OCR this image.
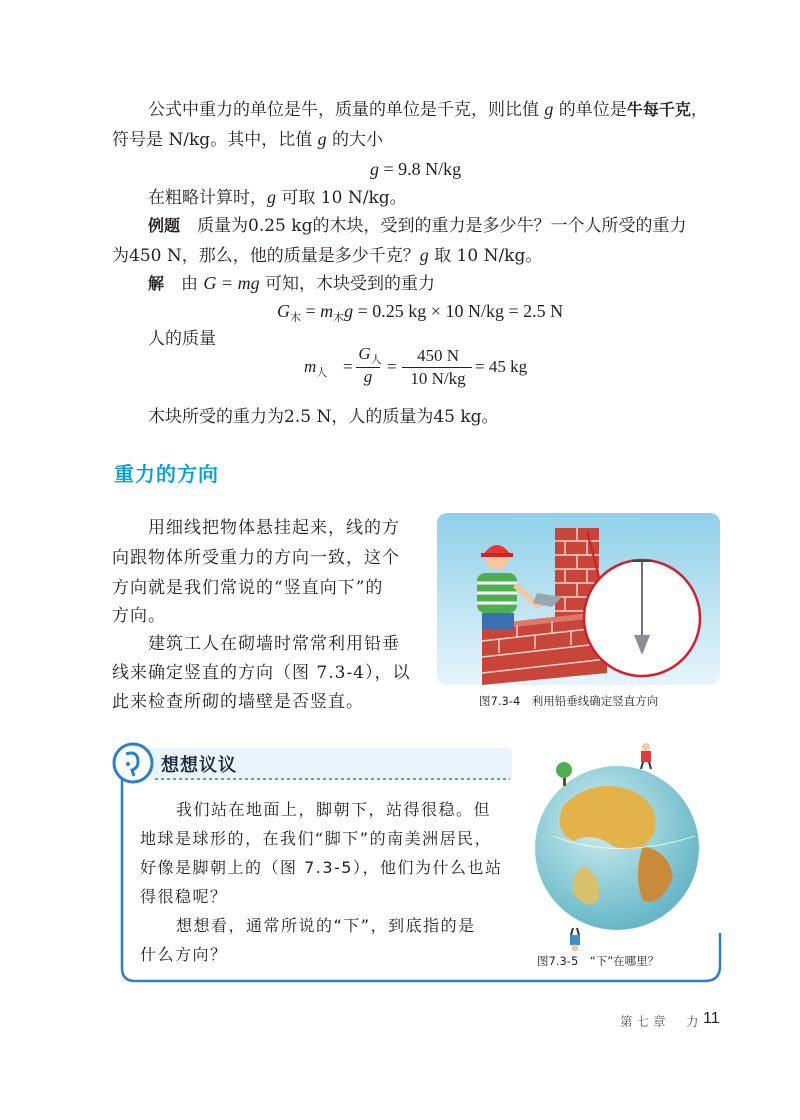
公式中重力的单位是牛，质量的单位是千克，则比值 g 的单位是牛每千克，

符号是 N/kg。其中，比值 g 的大小

g = 9.8 N/kg

在粗略计算时，g 可取 10 N/kg。

例题　 质量为0.25 kg的木块，受到的重力是多少牛？一个人所受的重力

为450 N，那么，他的质量是多少千克？g 取 10 N/kg。

解　 由 G = mg 可知，木块受到的重力

$G_木 = m_木g = 0.25$ kg × 10 N/kg = 2.5 N

人的质量

$m_人$ =
$G_人$
g
=
450 N
10 N/kg
= 45 kg

木块所受的重力为2.5 N，人的质量为45 kg。

重力的方向

用细线把物体悬挂起来，线的方

向跟物体所受重力的方向一致，这个

方向就是我们常说的“竖直向下”的

方向。

建筑工人在砌墙时常常利用铅垂

线来确定竖直的方向（图 7.3-4），以

此来检查所砌的墙壁是否竖直。	图7.3-4　利用铅垂线确定竖直方向
想想议议

我们站在地面上，脚朝下，站得很稳。但

地球是球形的，在我们“脚下”的南美洲居民，

好像是脚朝上的（图 7.3-5），他们为什么也站

得很稳呢？

想想看，通常所说的“下”，到底指的是

什么方向？	图7.3-5　“下”在哪里？

第七章　力 11
